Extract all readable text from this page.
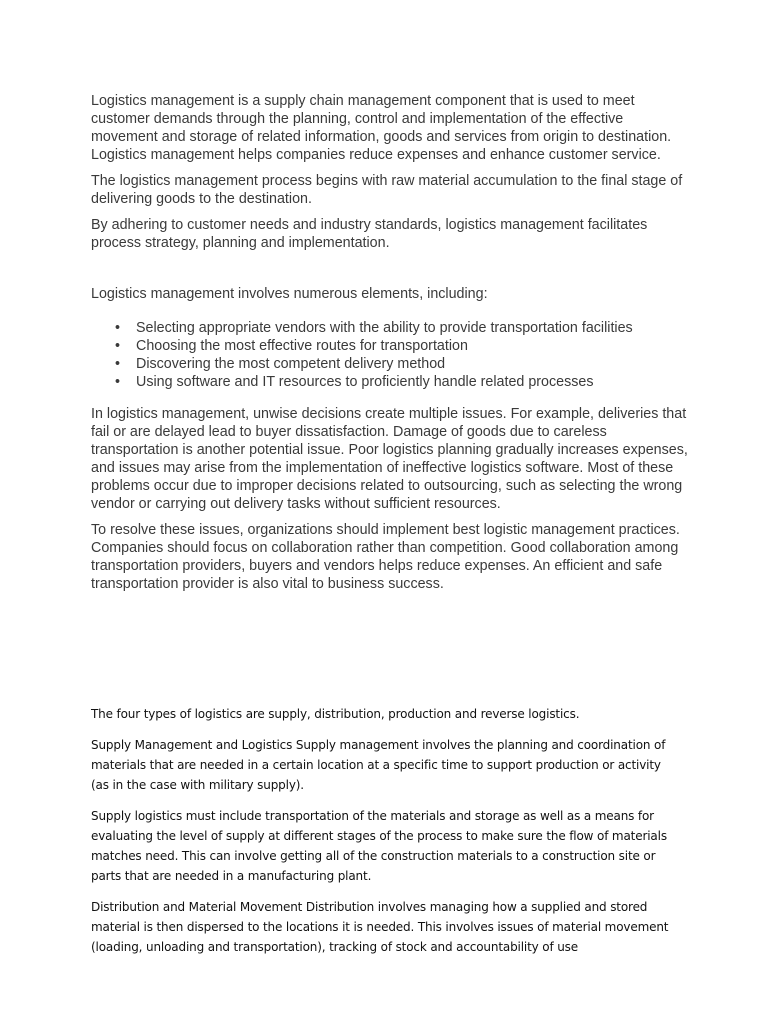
Logistics management is a supply chain management component that is used to meet customer demands through the planning, control and implementation of the effective movement and storage of related information, goods and services from origin to destination. Logistics management helps companies reduce expenses and enhance customer service.

The logistics management process begins with raw material accumulation to the final stage of delivering goods to the destination.

By adhering to customer needs and industry standards, logistics management facilitates process strategy, planning and implementation.

Logistics management involves numerous elements, including:

• Selecting appropriate vendors with the ability to provide transportation facilities
• Choosing the most effective routes for transportation
• Discovering the most competent delivery method
• Using software and IT resources to proficiently handle related processes

In logistics management, unwise decisions create multiple issues. For example, deliveries that fail or are delayed lead to buyer dissatisfaction. Damage of goods due to careless transportation is another potential issue. Poor logistics planning gradually increases expenses, and issues may arise from the implementation of ineffective logistics software. Most of these problems occur due to improper decisions related to outsourcing, such as selecting the wrong vendor or carrying out delivery tasks without sufficient resources.

To resolve these issues, organizations should implement best logistic management practices. Companies should focus on collaboration rather than competition. Good collaboration among transportation providers, buyers and vendors helps reduce expenses. An efficient and safe transportation provider is also vital to business success.

The four types of logistics are supply, distribution, production and reverse logistics.

Supply Management and Logistics Supply management involves the planning and coordination of materials that are needed in a certain location at a specific time to support production or activity (as in the case with military supply).

Supply logistics must include transportation of the materials and storage as well as a means for evaluating the level of supply at different stages of the process to make sure the flow of materials matches need. This can involve getting all of the construction materials to a construction site or parts that are needed in a manufacturing plant.

Distribution and Material Movement Distribution involves managing how a supplied and stored material is then dispersed to the locations it is needed. This involves issues of material movement (loading, unloading and transportation), tracking of stock and accountability of use
